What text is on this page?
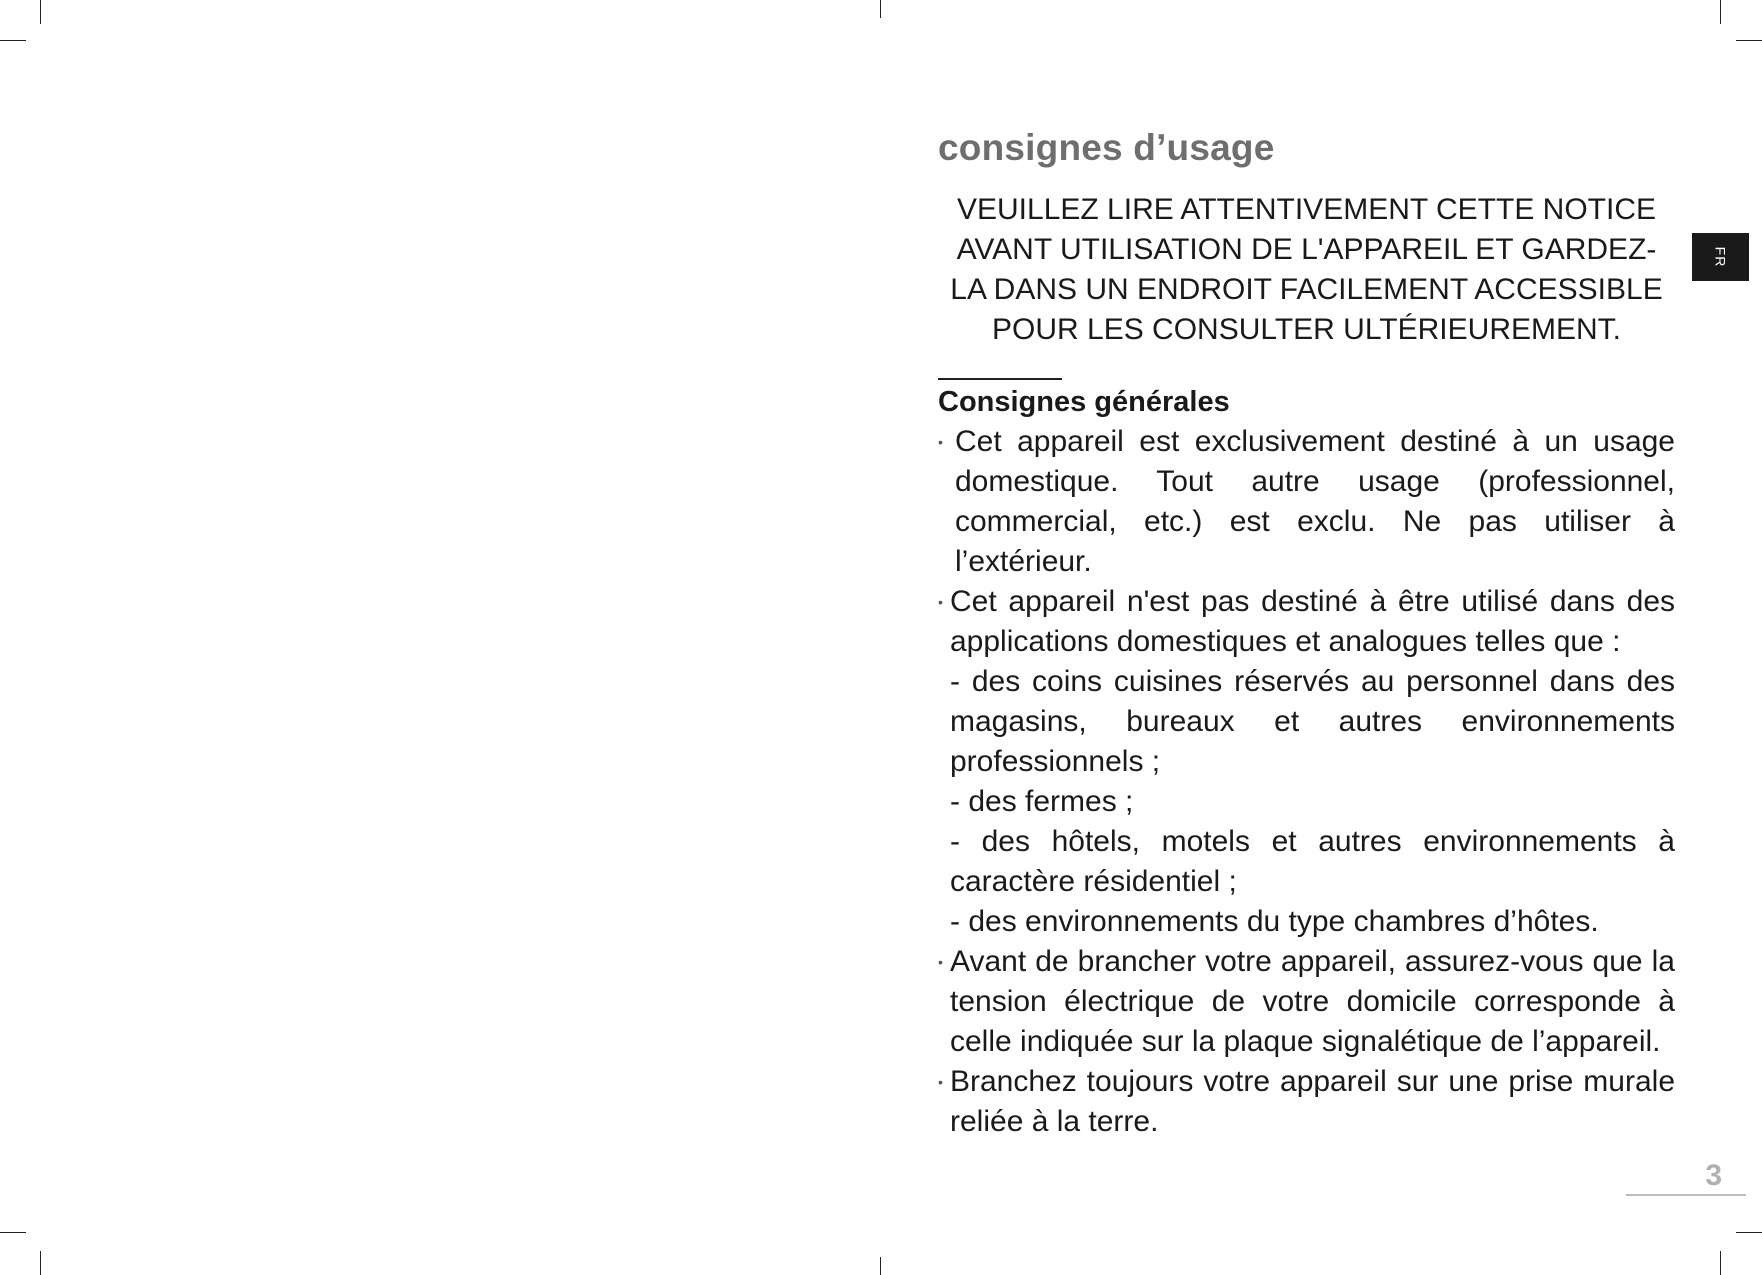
consignes d’usage
VEUILLEZ LIRE ATTENTIVEMENT CETTE NOTICE
AVANT UTILISATION DE L'APPAREIL ET GARDEZ-
LA DANS UN ENDROIT FACILEMENT ACCESSIBLE
POUR LES CONSULTER ULTÉRIEUREMENT.
Consignes générales
• Cet appareil est exclusivement destiné à un usage domestique. Tout autre usage (professionnel, commercial, etc.) est exclu. Ne pas utiliser à l’extérieur.

• Cet appareil n'est pas destiné à être utilisé dans des applications domestiques et analogues telles que :

- des coins cuisines réservés au personnel dans des magasins, bureaux et autres environnements professionnels ;

- des fermes ;

- des hôtels, motels et autres environnements à caractère résidentiel ;

- des environnements du type chambres d’hôtes.

• Avant de brancher votre appareil, assurez-vous que la tension électrique de votre domicile corresponde à celle indiquée sur la plaque signalétique de l’appareil.

• Branchez toujours votre appareil sur une prise murale reliée à la terre.

FR
3
